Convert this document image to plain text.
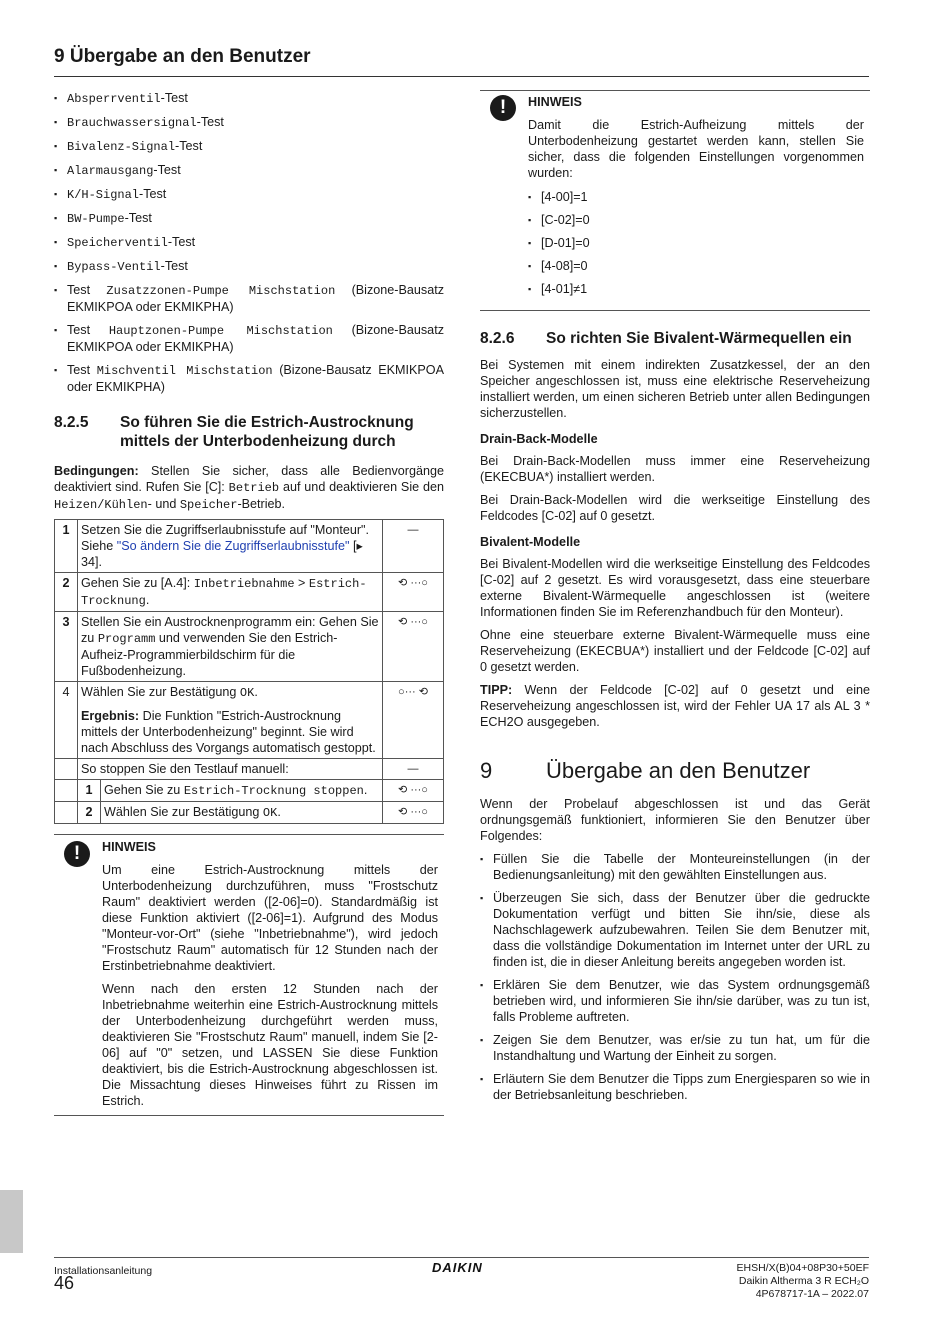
9 Übergabe an den Benutzer
▪ Absperrventil-Test
▪ Brauchwassersignal-Test
▪ Bivalenz-Signal-Test
▪ Alarmausgang-Test
▪ K/H-Signal-Test
▪ BW-Pumpe-Test
▪ Speicherventil-Test
▪ Bypass-Ventil-Test
▪ Test Zusatzzonen-Pumpe Mischstation (Bizone-Bausatz EKMIKPOA oder EKMIKPHA)
▪ Test Hauptzonen-Pumpe Mischstation (Bizone-Bausatz EKMIKPOA oder EKMIKPHA)
▪ Test Mischventil Mischstation (Bizone-Bausatz EKMIKPOA oder EKMIKPHA)
8.2.5	So führen Sie die Estrich-Austrocknung mittels der Unterbodenheizung durch

Bedingungen: Stellen Sie sicher, dass alle Bedienvorgänge deaktiviert sind. Rufen Sie [C]: Betrieb auf und deaktivieren Sie den Heizen/Kühlen- und Speicher-Betrieb.

1	Setzen Sie die Zugriffserlaubnisstufe auf "Monteur". Siehe "So ändern Sie die Zugriffserlaubnisstufe" [▸ 34].		—
2	Gehen Sie zu [A.4]: Inbetriebnahme > Estrich-Trocknung.		⟲ ···○
3	Stellen Sie ein Austrocknenprogramm ein: Gehen Sie zu Programm und verwenden Sie den Estrich-Aufheiz-Programmierbildschirm für die Fußbodenheizung.		⟲ ···○
4	Wählen Sie zur Bestätigung OK.
Ergebnis: Die Funktion "Estrich-Austrocknung mittels der Unterbodenheizung" beginnt. Sie wird nach Abschluss des Vorgangs automatisch gestoppt.		○··· ⟲
	So stoppen Sie den Testlauf manuell:		—
	1	Gehen Sie zu Estrich-Trocknung stoppen.	⟲ ···○
	2	Wählen Sie zur Bestätigung OK.	⟲ ···○
!	HINWEIS

Um eine Estrich-Austrocknung mittels der Unterbodenheizung durchzuführen, muss "Frostschutz Raum" deaktiviert werden ([2-06]=0). Standardmäßig ist diese Funktion aktiviert ([2-06]=1). Aufgrund des Modus "Monteur-vor-Ort" (siehe "Inbetriebnahme"), wird jedoch "Frostschutz Raum" automatisch für 12 Stunden nach der Erstinbetriebnahme deaktiviert.

Wenn nach den ersten 12 Stunden nach der Inbetriebnahme weiterhin eine Estrich-Austrocknung mittels der Unterbodenheizung durchgeführt werden muss, deaktivieren Sie "Frostschutz Raum" manuell, indem Sie [2-06] auf "0" setzen, und LASSEN Sie diese Funktion deaktiviert, bis die Estrich-Austrocknung abgeschlossen ist. Die Missachtung dieses Hinweises führt zu Rissen im Estrich.

!	HINWEIS

Damit die Estrich-Aufheizung mittels der Unterbodenheizung gestartet werden kann, stellen Sie sicher, dass die folgenden Einstellungen vorgenommen wurden:

▪ [4-00]=1
▪ [C-02]=0
▪ [D-01]=0
▪ [4-08]=0
▪ [4-01]≠1
8.2.6	So richten Sie Bivalent-Wärmequellen ein

Bei Systemen mit einem indirekten Zusatzkessel, der an den Speicher angeschlossen ist, muss eine elektrische Reserveheizung installiert werden, um einen sicheren Betrieb unter allen Bedingungen sicherzustellen.

Drain-Back-Modelle

Bei Drain-Back-Modellen muss immer eine Reserveheizung (EKECBUA*) installiert werden.

Bei Drain-Back-Modellen wird die werkseitige Einstellung des Feldcodes [C-02] auf 0 gesetzt.

Bivalent-Modelle

Bei Bivalent-Modellen wird die werkseitige Einstellung des Feldcodes [C-02] auf 2 gesetzt. Es wird vorausgesetzt, dass eine steuerbare externe Bivalent-Wärmequelle angeschlossen ist (weitere Informationen finden Sie im Referenzhandbuch für den Monteur).

Ohne eine steuerbare externe Bivalent-Wärmequelle muss eine Reserveheizung (EKECBUA*) installiert und der Feldcode [C-02] auf 0 gesetzt werden.

TIPP: Wenn der Feldcode [C-02] auf 0 gesetzt und eine Reserveheizung angeschlossen ist, wird der Fehler UA 17 als AL 3 * ECH2O ausgegeben.

9	Übergabe an den Benutzer

Wenn der Probelauf abgeschlossen ist und das Gerät ordnungsgemäß funktioniert, informieren Sie den Benutzer über Folgendes:

▪ Füllen Sie die Tabelle der Monteureinstellungen (in der Bedienungsanleitung) mit den gewählten Einstellungen aus.
▪ Überzeugen Sie sich, dass der Benutzer über die gedruckte Dokumentation verfügt und bitten Sie ihn/sie, diese als Nachschlagewerk aufzubewahren. Teilen Sie dem Benutzer mit, dass die vollständige Dokumentation im Internet unter der URL zu finden ist, die in dieser Anleitung bereits angegeben worden ist.
▪ Erklären Sie dem Benutzer, wie das System ordnungsgemäß betrieben wird, und informieren Sie ihn/sie darüber, was zu tun ist, falls Probleme auftreten.
▪ Zeigen Sie dem Benutzer, was er/sie zu tun hat, um für die Instandhaltung und Wartung der Einheit zu sorgen.
▪ Erläutern Sie dem Benutzer die Tipps zum Energiesparen so wie in der Betriebsanleitung beschrieben.
Installationsanleitung
46
DAIKIN	EHSH/X(B)04+08P30+50EF
Daikin Altherma 3 R ECH₂O
4P678717-1A – 2022.07
